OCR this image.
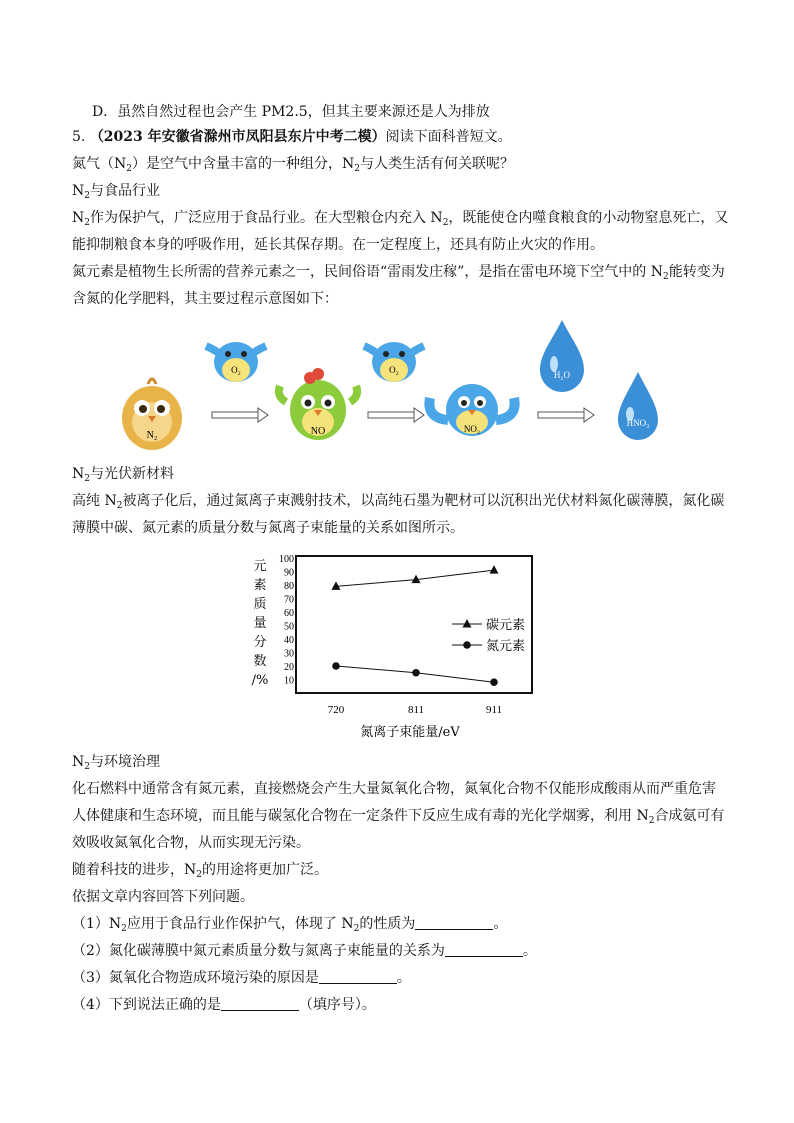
D．虽然自然过程也会产生 PM2.5，但其主要来源还是人为排放
5. （2023 年安徽省滁州市凤阳县东片中考二模）阅读下面科普短文。
氮气$(N_2)$是空气中含量丰富的一种组分，$N_2$与人类生活有何关联呢？
$N_2$与食品行业
$N_2$作为保护气，广泛应用于食品行业。在大型粮仓内充入 $N_2$，既能使仓内噬食粮食的小动物窒息死亡，又
能抑制粮食本身的呼吸作用，延长其保存期。在一定程度上，还具有防止火灾的作用。
氮元素是植物生长所需的营养元素之一，民间俗语“雷雨发庄稼”，是指在雷电环境下空气中的 $N_2$能转变为
含氮的化学肥料，其主要过程示意图如下：
N₂
O₂
NO
O₂
NO₂
H₂O
HNO₃
$N_2$与光伏新材料
高纯 $N_2$被离子化后，通过氮离子束溅射技术，以高纯石墨为靶材可以沉积出光伏材料氮化碳薄膜，氮化碳
薄膜中碳、氮元素的质量分数与氮离子束能量的关系如图所示。
元
素
质
量
分
数
/% 10
20
30
40
50
60
70
80
90
100
720	811	911
碳元素
氮元素
氮离子束能量/eV
$N_2$与环境治理
化石燃料中通常含有氮元素，直接燃烧会产生大量氮氧化合物，氮氧化合物不仅能形成酸雨从而严重危害
人体健康和生态环境，而且能与碳氢化合物在一定条件下反应生成有毒的光化学烟雾，利用 $N_2$合成氨可有
效吸收氮氧化合物，从而实现无污染。
随着科技的进步，$N_2$的用途将更加广泛。
依据文章内容回答下列问题。
$(1)N_2$应用于食品行业作保护气，体现了 $N_2$的性质为	。
（2）氮化碳薄膜中氮元素质量分数与氮离子束能量的关系为	。
（3）氮氧化合物造成环境污染的原因是	。
（4）下到说法正确的是	（填序号）。
